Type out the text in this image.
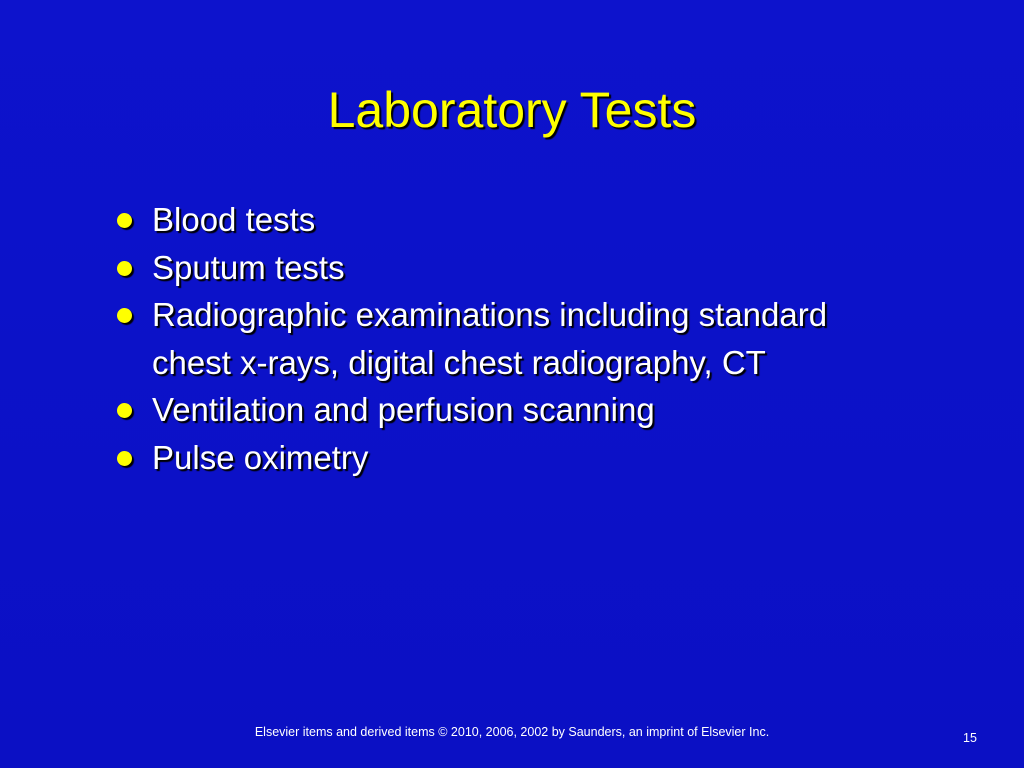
Laboratory Tests
Blood tests
Sputum tests
Radiographic examinations including standard chest x-rays, digital chest radiography, CT
Ventilation and perfusion scanning
Pulse oximetry
Elsevier items and derived items © 2010, 2006, 2002 by Saunders, an imprint of Elsevier Inc.	15
